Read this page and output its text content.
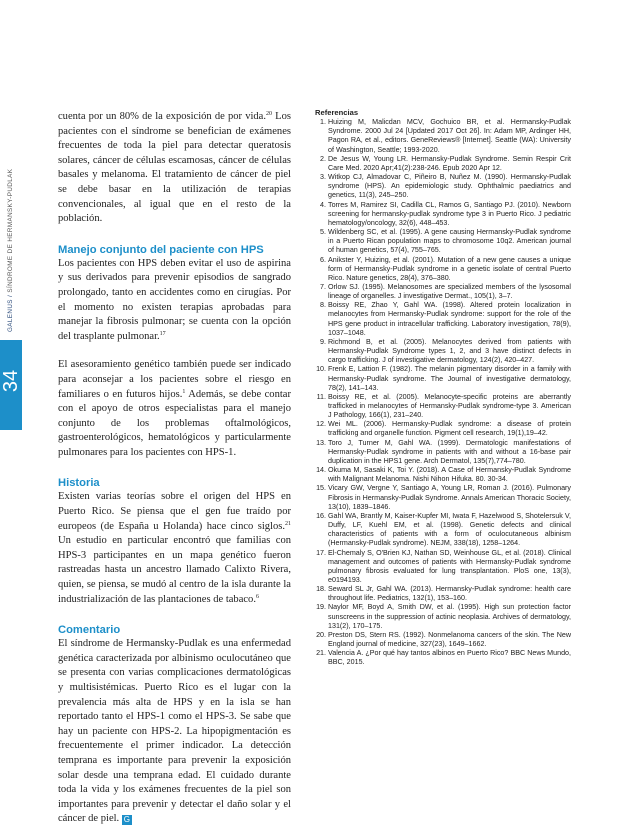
GALENUS / SÍNDROME DE HERMANSKY-PUDLAK
34

cuenta por un 80% de la exposición de por vida.$^{20}$ Los pacientes con el síndrome se benefician de exámenes frecuentes de toda la piel para detectar queratosis solares, cáncer de células escamosas, cáncer de células basales y melanoma. El tratamiento de cáncer de piel se debe basar en la utilización de terapias convencionales, al igual que en el resto de la población.

Manejo conjunto del paciente con HPS

Los pacientes con HPS deben evitar el uso de aspirina y sus derivados para prevenir episodios de sangrado prolongado, tanto en accidentes como en cirugías. Por el momento no existen terapias aprobadas para manejar la fibrosis pulmonar; se cuenta con la opción del trasplante pulmonar.$^{17}$

El asesoramiento genético también puede ser indicado para aconsejar a los pacientes sobre el riesgo en familiares o en futuros hijos.$^1$ Además, se debe contar con el apoyo de otros especialistas para el manejo conjunto de los problemas oftalmológicos, gastroenterológicos, hematológicos y particularmente pulmonares para los pacientes con HPS-1.

Historia

Existen varias teorías sobre el origen del HPS en Puerto Rico. Se piensa que el gen fue traído por europeos (de España u Holanda) hace cinco siglos.$^{21}$ Un estudio en particular encontró que familias con HPS-3 participantes en un mapa genético fueron rastreadas hasta un ancestro llamado Calixto Rivera, quien, se piensa, se mudó al centro de la isla durante la industrialización de las plantaciones de tabaco.$^6$

Comentario

El síndrome de Hermansky-Pudlak es una enfermedad genética caracterizada por albinismo oculocutáneo que se presenta con varias complicaciones dermatológicas y multisistémicas. Puerto Rico es el lugar con la prevalencia más alta de HPS y en la isla se han reportado tanto el HPS-1 como el HPS-3. Se sabe que hay un paciente con HPS-2. La hipopigmentación es frecuentemente el primer indicador. La detección temprana es importante para prevenir la exposición solar desde una temprana edad. El cuidado durante toda la vida y los exámenes frecuentes de la piel son importantes para prevenir y detectar el daño solar y el cáncer de piel. G

Referencias
1. Huizing M, Malicdan MCV, Gochuico BR, et al. Hermansky-Pudlak Syndrome. 2000 Jul 24 [Updated 2017 Oct 26]. In: Adam MP, Ardinger HH, Pagon RA, et al., editors. GeneReviews® [Internet]. Seattle (WA): University of Washington, Seattle; 1993-2020.
2. De Jesus W, Young LR. Hermansky-Pudlak Syndrome. Semin Respir Crit Care Med. 2020 Apr;41(2):238-246. Epub 2020 Apr 12.
3. Witkop CJ, Almadovar C, Piñeiro B, Nuñez M. (1990). Hermansky-Pudlak syndrome (HPS). An epidemiologic study. Ophthalmic paediatrics and genetics, 11(3), 245–250.
4. Torres M, Ramirez SI, Cadilla CL, Ramos G, Santiago PJ. (2010). Newborn screening for hermansky-pudlak syndrome type 3 in Puerto Rico. J pediatric hematology/oncology, 32(6), 448–453.
5. Wildenberg SC, et al. (1995). A gene causing Hermansky-Pudlak syndrome in a Puerto Rican population maps to chromosome 10q2. American journal of human genetics, 57(4), 755–765.
6. Anikster Y, Huizing, et al. (2001). Mutation of a new gene causes a unique form of Hermansky-Pudlak syndrome in a genetic isolate of central Puerto Rico. Nature genetics, 28(4), 376–380.
7. Orlow SJ. (1995). Melanosomes are specialized members of the lysosomal lineage of organelles. J investigative Dermat., 105(1), 3–7.
8. Boissy RE, Zhao Y, Gahl WA. (1998). Altered protein localization in melanocytes from Hermansky-Pudlak syndrome: support for the role of the HPS gene product in intracellular trafficking. Laboratory investigation, 78(9), 1037–1048.
9. Richmond B, et al. (2005). Melanocytes derived from patients with Hermansky-Pudlak Syndrome types 1, 2, and 3 have distinct defects in cargo trafficking. J of investigative dermatology, 124(2), 420–427.
10. Frenk E, Lattion F. (1982). The melanin pigmentary disorder in a family with Hermansky-Pudlak syndrome. The Journal of investigative dermatology, 78(2), 141–143.
11. Boissy RE, et al. (2005). Melanocyte-specific proteins are aberrantly trafficked in melanocytes of Hermansky-Pudlak syndrome-type 3. American J Pathology, 166(1), 231–240.
12. Wei ML. (2006). Hermansky-Pudlak syndrome: a disease of protein trafficking and organelle function. Pigment cell research, 19(1),19–42.
13. Toro J, Turner M, Gahl WA. (1999). Dermatologic manifestations of Hermansky-Pudlak syndrome in patients with and without a 16-base pair duplication in the HPS1 gene. Arch Dermatol, 135(7),774–780.
14. Okuma M, Sasaki K, Toi Y. (2018). A Case of Hermansky-Pudlak Syndrome with Malignant Melanoma. Nishi Nihon Hifuka. 80. 30-34.
15. Vicary GW, Vergne Y, Santiago A, Young LR, Roman J. (2016). Pulmonary Fibrosis in Hermansky-Pudlak Syndrome. Annals American Thoracic Society, 13(10), 1839–1846.
16. Gahl WA, Brantly M, Kaiser-Kupfer MI, Iwata F, Hazelwood S, Shotelersuk V, Duffy, LF, Kuehl EM, et al. (1998). Genetic defects and clinical characteristics of patients with a form of oculocutaneous albinism (Hermansky-Pudlak syndrome). NEJM, 338(18), 1258–1264.
17. El-Chemaly S, O'Brien KJ, Nathan SD, Weinhouse GL, et al. (2018). Clinical management and outcomes of patients with Hermansky-Pudlak syndrome pulmonary fibrosis evaluated for lung transplantation. PloS one, 13(3), e0194193.
18. Seward SL Jr, Gahl WA. (2013). Hermansky-Pudlak syndrome: health care throughout life. Pediatrics, 132(1), 153–160.
19. Naylor MF, Boyd A, Smith DW, et al. (1995). High sun protection factor sunscreens in the suppression of actinic neoplasia. Archives of dermatology, 131(2), 170–175.
20. Preston DS, Stern RS. (1992). Nonmelanoma cancers of the skin. The New England journal of medicine, 327(23), 1649–1662.
21. Valencia A. ¿Por qué hay tantos albinos en Puerto Rico? BBC News Mundo, BBC, 2015.
